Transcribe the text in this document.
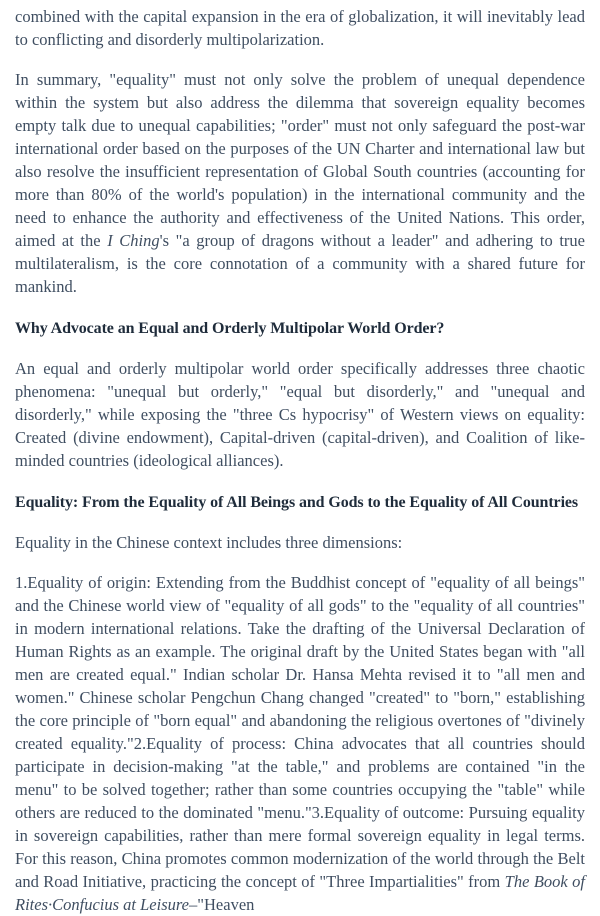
combined with the capital expansion in the era of globalization, it will inevitably lead to conflicting and disorderly multipolarization.

In summary, "equality" must not only solve the problem of unequal dependence within the system but also address the dilemma that sovereign equality becomes empty talk due to unequal capabilities; "order" must not only safeguard the post-war international order based on the purposes of the UN Charter and international law but also resolve the insufficient representation of Global South countries (accounting for more than 80% of the world's population) in the international community and the need to enhance the authority and effectiveness of the United Nations. This order, aimed at the I Ching's "a group of dragons without a leader" and adhering to true multilateralism, is the core connotation of a community with a shared future for mankind.

Why Advocate an Equal and Orderly Multipolar World Order?

An equal and orderly multipolar world order specifically addresses three chaotic phenomena: "unequal but orderly," "equal but disorderly," and "unequal and disorderly," while exposing the "three Cs hypocrisy" of Western views on equality: Created (divine endowment), Capital-driven (capital-driven), and Coalition of like-minded countries (ideological alliances).

Equality: From the Equality of All Beings and Gods to the Equality of All Countries

Equality in the Chinese context includes three dimensions:

1.Equality of origin: Extending from the Buddhist concept of "equality of all beings" and the Chinese world view of "equality of all gods" to the "equality of all countries" in modern international relations. Take the drafting of the Universal Declaration of Human Rights as an example. The original draft by the United States began with "all men are created equal." Indian scholar Dr. Hansa Mehta revised it to "all men and women." Chinese scholar Pengchun Chang changed "created" to "born," establishing the core principle of "born equal" and abandoning the religious overtones of "divinely created equality."2.Equality of process: China advocates that all countries should participate in decision-making "at the table," and problems are contained "in the menu" to be solved together; rather than some countries occupying the "table" while others are reduced to the dominated "menu."3.Equality of outcome: Pursuing equality in sovereign capabilities, rather than mere formal sovereign equality in legal terms. For this reason, China promotes common modernization of the world through the Belt and Road Initiative, practicing the concept of "Three Impartialities" from The Book of Rites·Confucius at Leisure–"Heaven
